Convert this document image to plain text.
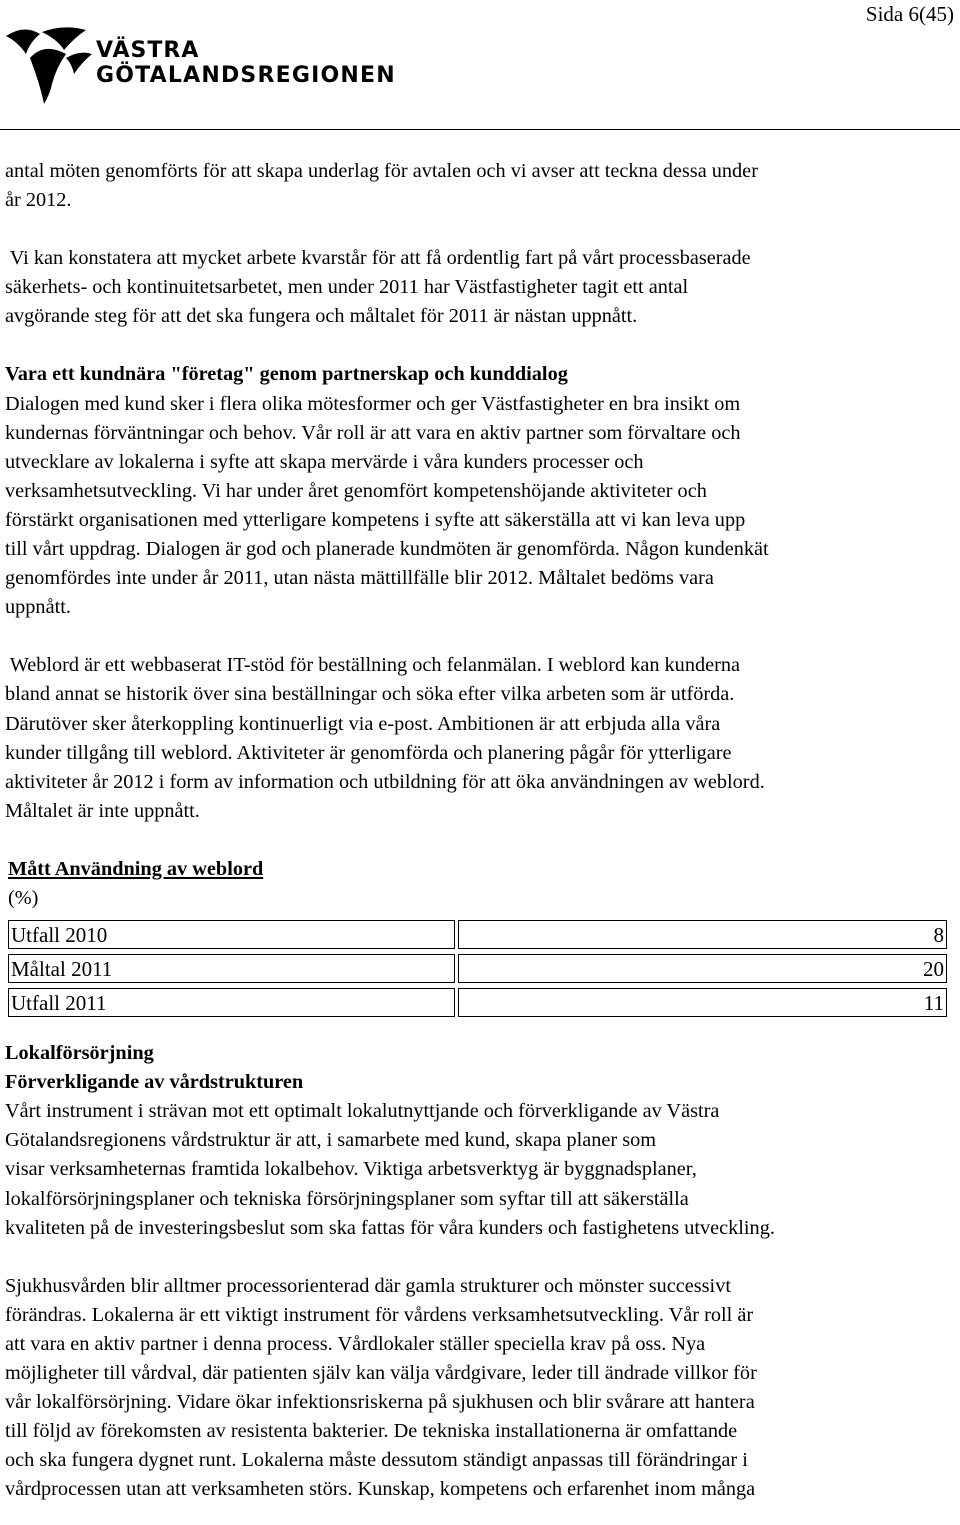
Sida 6(45)
VÄSTRA
GÖTALANDSREGIONEN
antal möten genomförts för att skapa underlag för avtalen och vi avser att teckna dessa under
år 2012.
Vi kan konstatera att mycket arbete kvarstår för att få ordentlig fart på vårt processbaserade
säkerhets- och kontinuitetsarbetet, men under 2011 har Västfastigheter tagit ett antal
avgörande steg för att det ska fungera och måltalet för 2011 är nästan uppnått.
Vara ett kundnära "företag" genom partnerskap och kunddialog
Dialogen med kund sker i flera olika mötesformer och ger Västfastigheter en bra insikt om
kundernas förväntningar och behov. Vår roll är att vara en aktiv partner som förvaltare och
utvecklare av lokalerna i syfte att skapa mervärde i våra kunders processer och
verksamhetsutveckling. Vi har under året genomfört kompetenshöjande aktiviteter och
förstärkt organisationen med ytterligare kompetens i syfte att säkerställa att vi kan leva upp
till vårt uppdrag. Dialogen är god och planerade kundmöten är genomförda. Någon kundenkät
genomfördes inte under år 2011, utan nästa mättillfälle blir 2012. Måltalet bedöms vara
uppnått.
Weblord är ett webbaserat IT-stöd för beställning och felanmälan. I weblord kan kunderna
bland annat se historik över sina beställningar och söka efter vilka arbeten som är utförda.
Därutöver sker återkoppling kontinuerligt via e-post. Ambitionen är att erbjuda alla våra
kunder tillgång till weblord. Aktiviteter är genomförda och planering pågår för ytterligare
aktiviteter år 2012 i form av information och utbildning för att öka användningen av weblord.
Måltalet är inte uppnått.
Mått Användning av weblord
(%)
Utfall 2010	8
Måltal 2011	20
Utfall 2011	11
Lokalförsörjning
Förverkligande av vårdstrukturen
Vårt instrument i strävan mot ett optimalt lokalutnyttjande och förverkligande av Västra
Götalandsregionens vårdstruktur är att, i samarbete med kund, skapa planer som
visar verksamheternas framtida lokalbehov. Viktiga arbetsverktyg är byggnadsplaner,
lokalförsörjningsplaner och tekniska försörjningsplaner som syftar till att säkerställa
kvaliteten på de investeringsbeslut som ska fattas för våra kunders och fastighetens utveckling.
Sjukhusvården blir alltmer processorienterad där gamla strukturer och mönster successivt
förändras. Lokalerna är ett viktigt instrument för vårdens verksamhetsutveckling. Vår roll är
att vara en aktiv partner i denna process. Vårdlokaler ställer speciella krav på oss. Nya
möjligheter till vårdval, där patienten själv kan välja vårdgivare, leder till ändrade villkor för
vår lokalförsörjning. Vidare ökar infektionsriskerna på sjukhusen och blir svårare att hantera
till följd av förekomsten av resistenta bakterier. De tekniska installationerna är omfattande
och ska fungera dygnet runt. Lokalerna måste dessutom ständigt anpassas till förändringar i
vårdprocessen utan att verksamheten störs. Kunskap, kompetens och erfarenhet inom många
